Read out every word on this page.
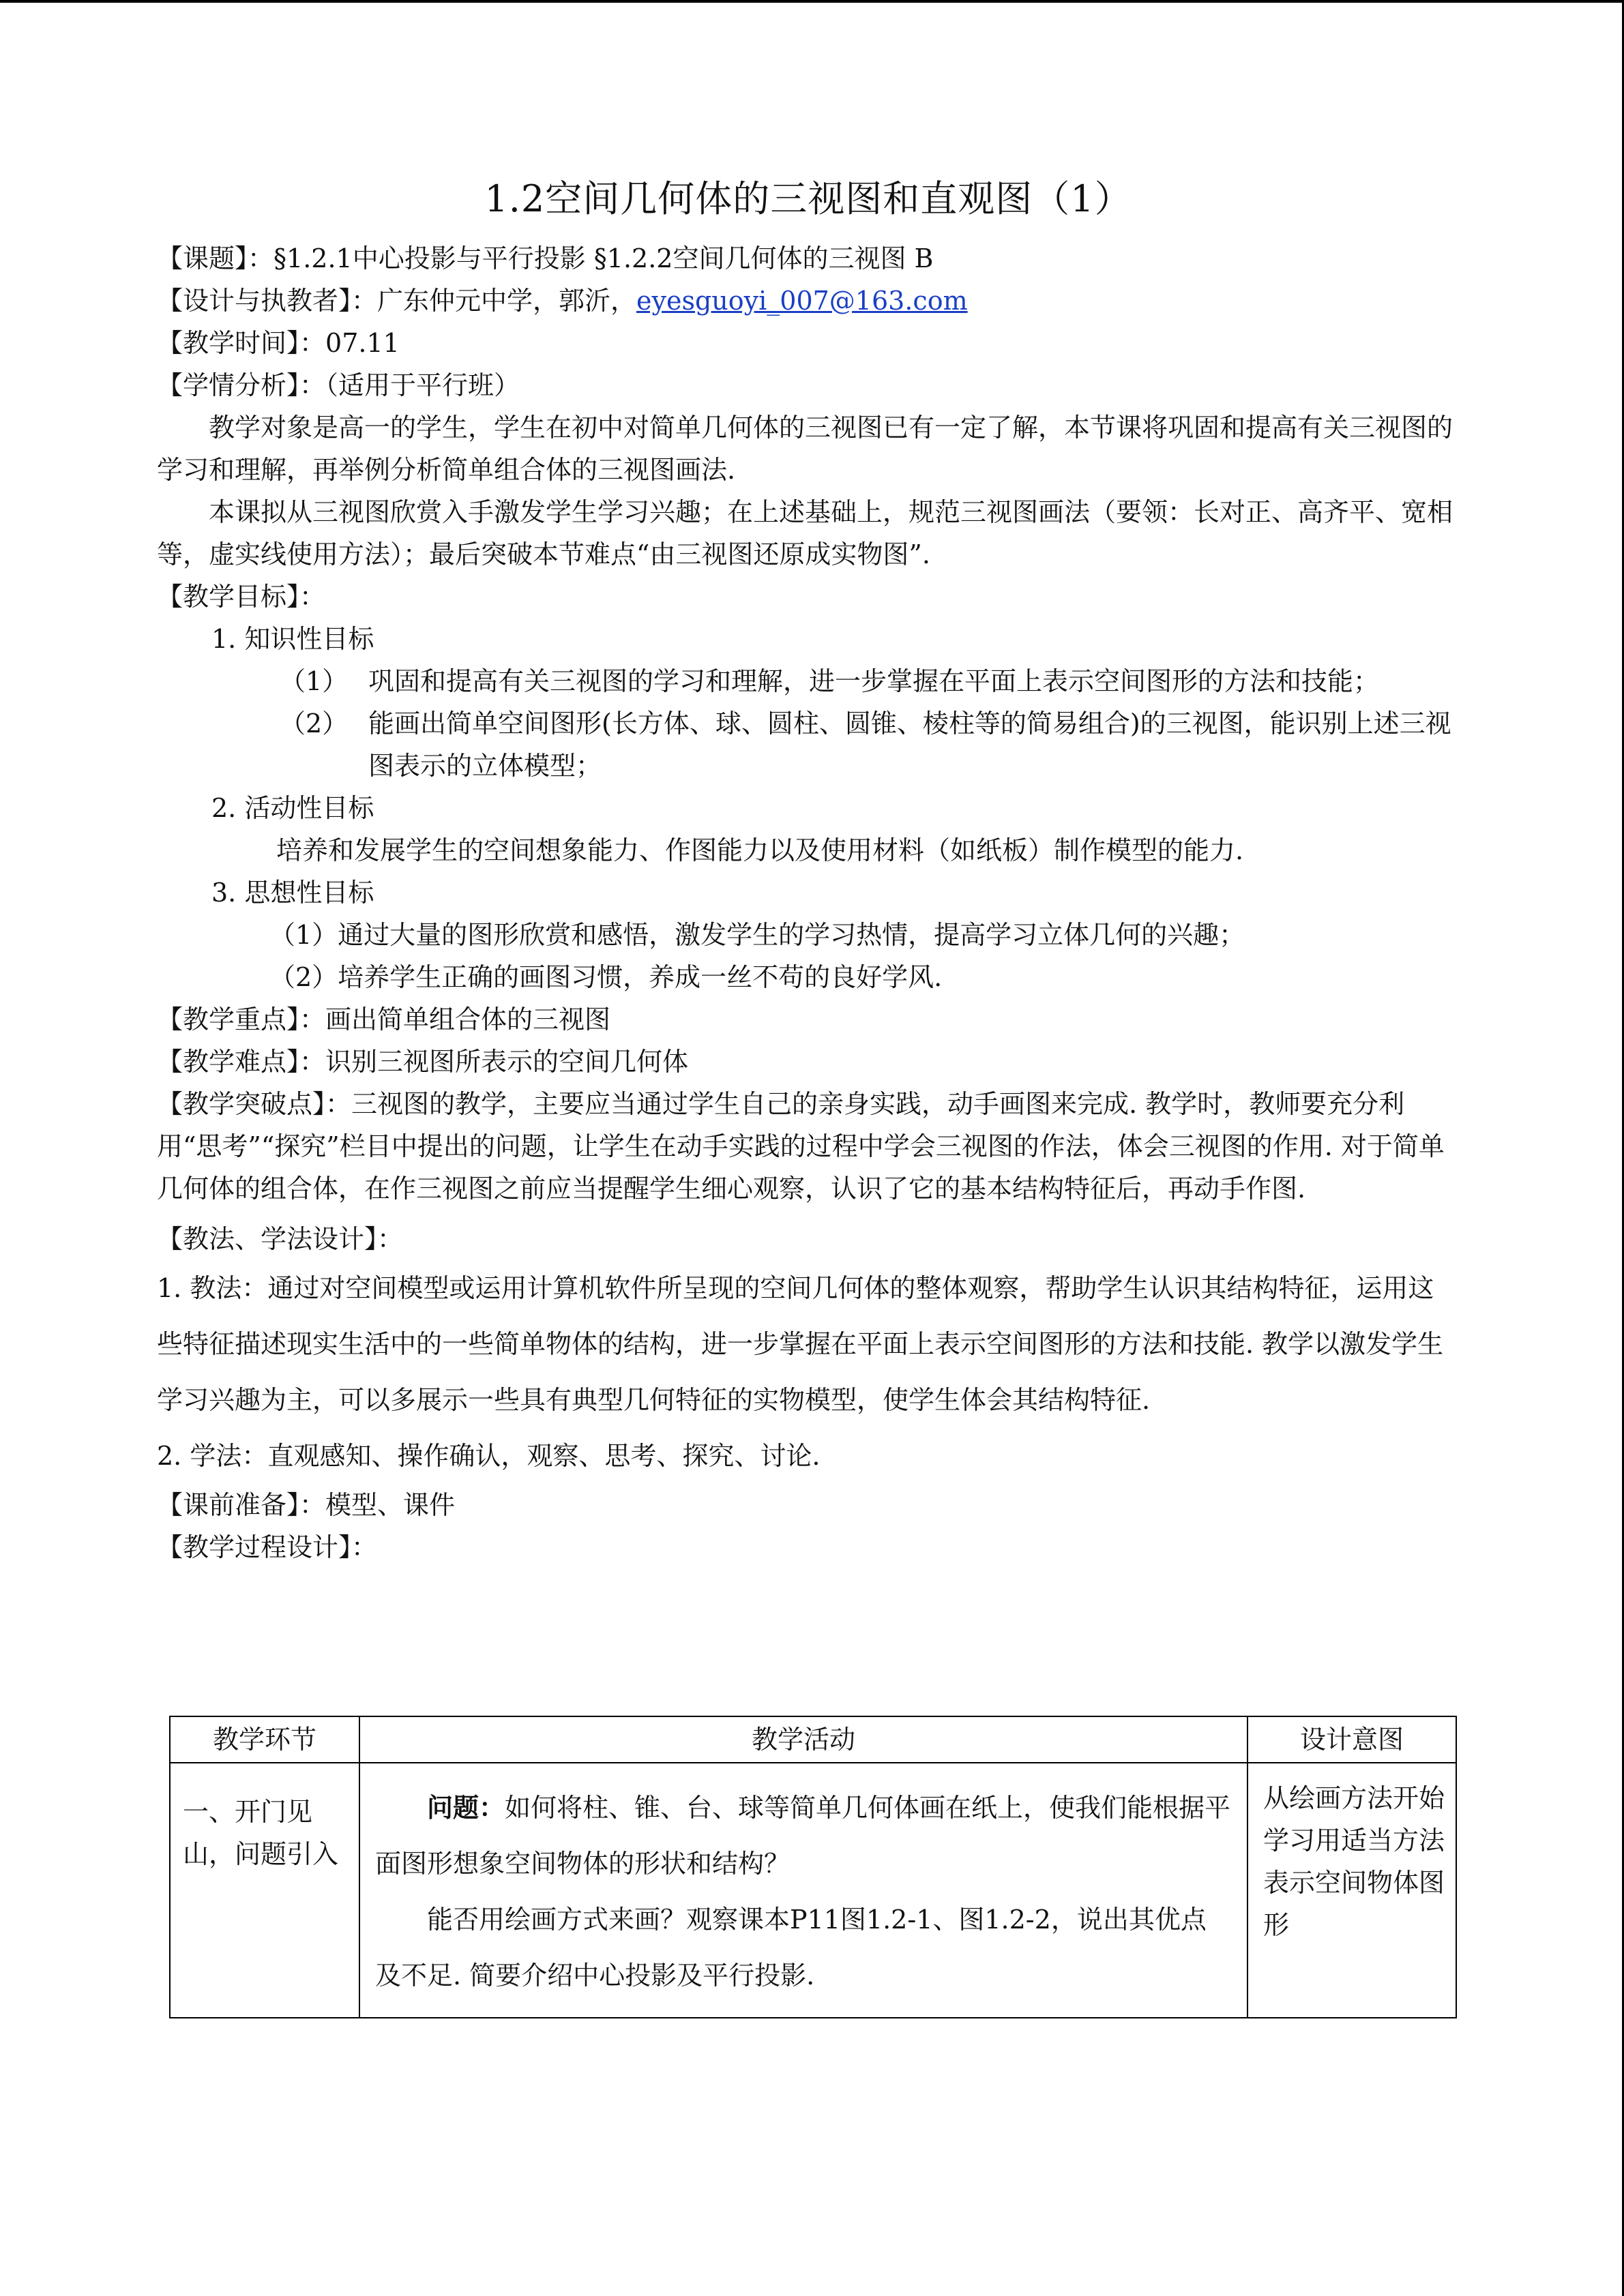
1.2空间几何体的三视图和直观图（1）

【课题】：§1.2.1中心投影与平行投影 §1.2.2空间几何体的三视图 B

【设计与执教者】：广东仲元中学，郭沂，eyesguoyi_007@163.com

【教学时间】：07.11

【学情分析】：（适用于平行班）

教学对象是高一的学生，学生在初中对简单几何体的三视图已有一定了解，本节课将巩固和提高有关三视图的学习和理解，再举例分析简单组合体的三视图画法.

本课拟从三视图欣赏入手激发学生学习兴趣；在上述基础上，规范三视图画法（要领：长对正、高齐平、宽相等，虚实线使用方法）；最后突破本节难点“由三视图还原成实物图”.

【教学目标】：

1. 知识性目标

（1） 巩固和提高有关三视图的学习和理解，进一步掌握在平面上表示空间图形的方法和技能；
（2） 能画出简单空间图形(长方体、球、圆柱、圆锥、棱柱等的简易组合)的三视图，能识别上述三视图表示的立体模型；

2. 活动性目标

培养和发展学生的空间想象能力、作图能力以及使用材料（如纸板）制作模型的能力.

3. 思想性目标

（1）通过大量的图形欣赏和感悟，激发学生的学习热情，提高学习立体几何的兴趣；

（2）培养学生正确的画图习惯，养成一丝不苟的良好学风.

【教学重点】：画出简单组合体的三视图

【教学难点】：识别三视图所表示的空间几何体

【教学突破点】：三视图的教学，主要应当通过学生自己的亲身实践，动手画图来完成. 教学时，教师要充分利用“思考”“探究”栏目中提出的问题，让学生在动手实践的过程中学会三视图的作法，体会三视图的作用. 对于简单几何体的组合体，在作三视图之前应当提醒学生细心观察，认识了它的基本结构特征后，再动手作图.

【教法、学法设计】：

1. 教法：通过对空间模型或运用计算机软件所呈现的空间几何体的整体观察，帮助学生认识其结构特征，运用这些特征描述现实生活中的一些简单物体的结构，进一步掌握在平面上表示空间图形的方法和技能. 教学以激发学生学习兴趣为主，可以多展示一些具有典型几何特征的实物模型，使学生体会其结构特征.

2. 学法：直观感知、操作确认，观察、思考、探究、讨论.

【课前准备】：模型、课件

【教学过程设计】：

教学环节	教学活动	设计意图
一、开门见山，问题引入	问题：如何将柱、锥、台、球等简单几何体画在纸上，使我们能根据平面图形想象空间物体的形状和结构？

能否用绘画方式来画？观察课本P11图1.2-1、图1.2-2，说出其优点及不足. 简要介绍中心投影及平行投影.	从绘画方法开始学习用适当方法表示空间物体图形
